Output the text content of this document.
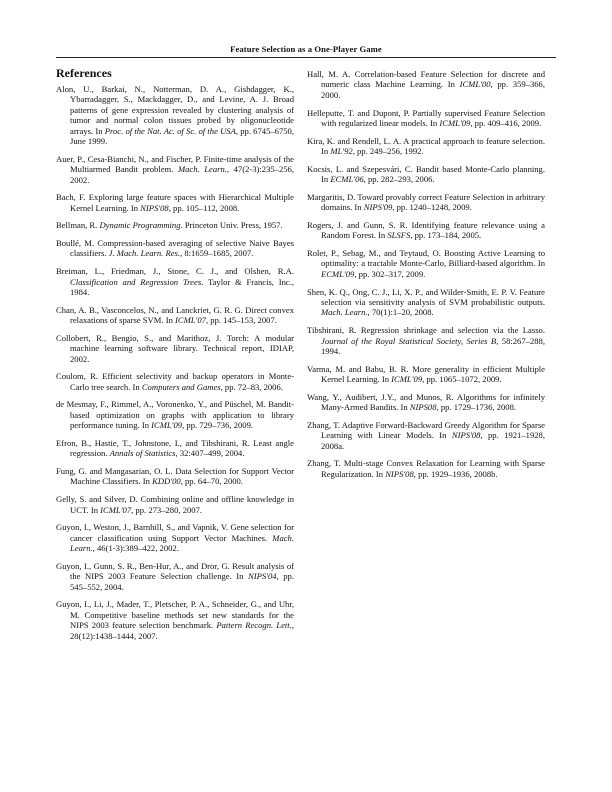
Feature Selection as a One-Player Game
References

Alon, U., Barkai, N., Notterman, D. A., Gishdagger, K., Ybarradagger, S., Mackdagger, D., and Levine, A. J. Broad patterns of gene expression revealed by clustering analysis of tumor and normal colon tissues probed by oligonucleotide arrays. In Proc. of the Nat. Ac. of Sc. of the USA, pp. 6745–6750, June 1999.

Auer, P., Cesa-Bianchi, N., and Fischer, P. Finite-time analysis of the Multiarmed Bandit problem. Mach. Learn., 47(2-3):235–256, 2002.

Bach, F. Exploring large feature spaces with Hierarchical Multiple Kernel Learning. In NIPS'08, pp. 105–112, 2008.

Bellman, R. Dynamic Programming. Princeton Univ. Press, 1957.

Boullé, M. Compression-based averaging of selective Naive Bayes classifiers. J. Mach. Learn. Res., 8:1659–1685, 2007.

Breiman, L., Friedman, J., Stone, C. J., and Olshen, R.A. Classification and Regression Trees. Taylor & Francis, Inc., 1984.

Chan, A. B., Vasconcelos, N., and Lanckriet, G. R. G. Direct convex relaxations of sparse SVM. In ICML'07, pp. 145–153, 2007.

Collobert, R., Bengio, S., and Marithoz, J. Torch: A modular machine learning software library. Technical report, IDIAP, 2002.

Coulom, R. Efficient selectivity and backup operators in Monte-Carlo tree search. In Computers and Games, pp. 72–83, 2006.

de Mesmay, F., Rimmel, A., Voronenko, Y., and Püschel, M. Bandit-based optimization on graphs with application to library performance tuning. In ICML'09, pp. 729–736, 2009.

Efron, B., Hastie, T., Johnstone, I., and Tibshirani, R. Least angle regression. Annals of Statistics, 32:407–499, 2004.

Fung, G. and Mangasarian, O. L. Data Selection for Support Vector Machine Classifiers. In KDD'00, pp. 64–70, 2000.

Gelly, S. and Silver, D. Combining online and offline knowledge in UCT. In ICML'07, pp. 273–280, 2007.

Guyon, I., Weston, J., Barnhill, S., and Vapnik, V. Gene selection for cancer classification using Support Vector Machines. Mach. Learn., 46(1-3):389–422, 2002.

Guyon, I., Gunn, S. R., Ben-Hur, A., and Dror, G. Result analysis of the NIPS 2003 Feature Selection challenge. In NIPS'04, pp. 545–552, 2004.

Guyon, I., Li, J., Mader, T., Pletscher, P. A., Schneider, G., and Uhr, M. Competitive baseline methods set new standards for the NIPS 2003 feature selection benchmark. Pattern Recogn. Lett., 28(12):1438–1444, 2007.

Hall, M. A. Correlation-based Feature Selection for discrete and numeric class Machine Learning. In ICML'00, pp. 359–366, 2000.

Helleputte, T. and Dupont, P. Partially supervised Feature Selection with regularized linear models. In ICML'09, pp. 409–416, 2009.

Kira, K. and Rendell, L. A. A practical approach to feature selection. In ML'92, pp. 249–256, 1992.

Kocsis, L. and Szepesvári, C. Bandit based Monte-Carlo planning. In ECML'06, pp. 282–293, 2006.

Margaritis, D. Toward provably correct Feature Selection in arbitrary domains. In NIPS'09, pp. 1240–1248, 2009.

Rogers, J. and Gunn, S. R. Identifying feature relevance using a Random Forest. In SLSFS, pp. 173–184, 2005.

Rolet, P., Sebag, M., and Teytaud, O. Boosting Active Learning to optimality: a tractable Monte-Carlo, Billiard-based algorithm. In ECML'09, pp. 302–317, 2009.

Shen, K. Q., Ong, C. J., Li, X. P., and Wilder-Smith, E. P. V. Feature selection via sensitivity analysis of SVM probabilistic outputs. Mach. Learn., 70(1):1–20, 2008.

Tibshirani, R. Regression shrinkage and selection via the Lasso. Journal of the Royal Statistical Society, Series B, 58:267–288, 1994.

Varma, M. and Babu, B. R. More generality in efficient Multiple Kernel Learning. In ICML'09, pp. 1065–1072, 2009.

Wang, Y., Audibert, J.Y., and Munos, R. Algorithms for infinitely Many-Armed Bandits. In NIPS08, pp. 1729–1736, 2008.

Zhang, T. Adaptive Forward-Backward Greedy Algorithm for Sparse Learning with Linear Models. In NIPS'08, pp. 1921–1928, 2008a.

Zhang, T. Multi-stage Convex Relaxation for Learning with Sparse Regularization. In NIPS'08, pp. 1929–1936, 2008b.
